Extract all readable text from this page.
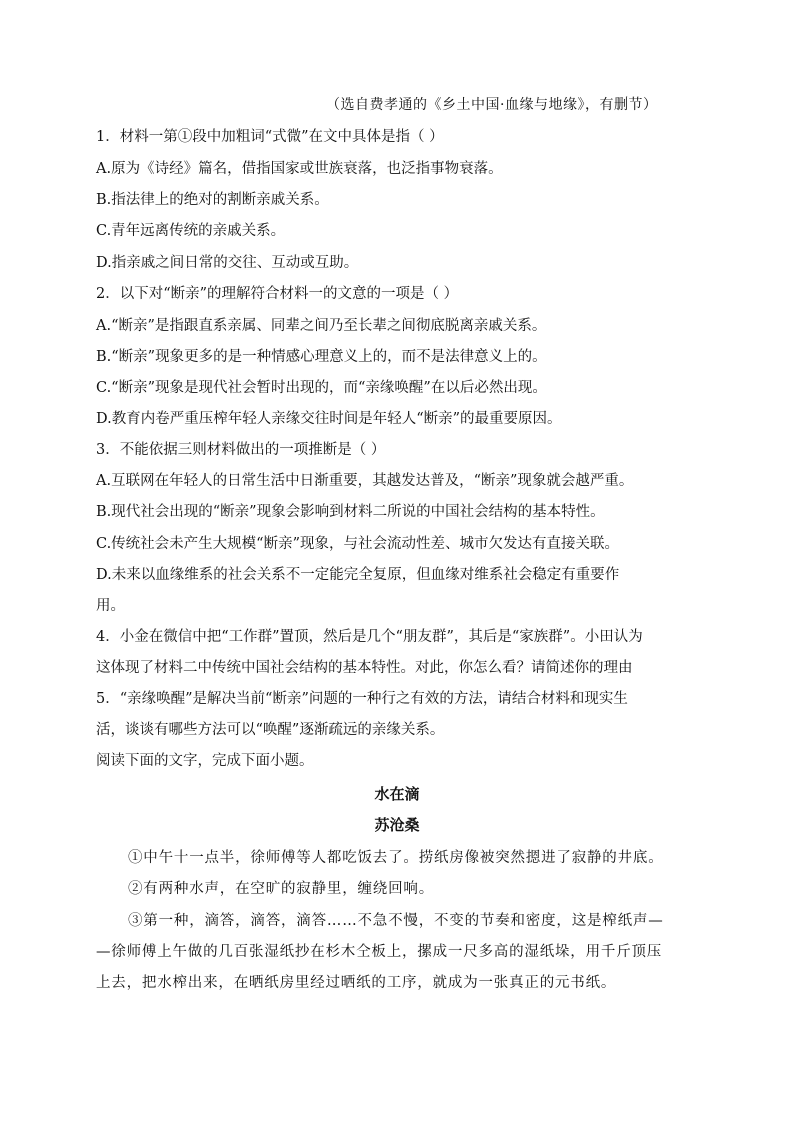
（选自费孝通的《乡土中国·血缘与地缘》，有删节）
1．材料一第①段中加粗词“式微”在文中具体是指（ ）
A.原为《诗经》篇名，借指国家或世族衰落，也泛指事物衰落。
B.指法律上的绝对的割断亲戚关系。
C.青年远离传统的亲戚关系。
D.指亲戚之间日常的交往、互动或互助。
2．以下对“断亲”的理解符合材料一的文意的一项是（ ）
A.“断亲”是指跟直系亲属、同辈之间乃至长辈之间彻底脱离亲戚关系。
B.“断亲”现象更多的是一种情感心理意义上的，而不是法律意义上的。
C.“断亲”现象是现代社会暂时出现的，而“亲缘唤醒”在以后必然出现。
D.教育内卷严重压榨年轻人亲缘交往时间是年轻人“断亲”的最重要原因。
3．不能依据三则材料做出的一项推断是（ ）
A.互联网在年轻人的日常生活中日渐重要，其越发达普及，“断亲”现象就会越严重。
B.现代社会出现的“断亲”现象会影响到材料二所说的中国社会结构的基本特性。
C.传统社会未产生大规模“断亲”现象，与社会流动性差、城市欠发达有直接关联。
D.未来以血缘维系的社会关系不一定能完全复原，但血缘对维系社会稳定有重要作
用。
4．小金在微信中把“工作群”置顶，然后是几个“朋友群”，其后是“家族群”。小田认为
这体现了材料二中传统中国社会结构的基本特性。对此，你怎么看？请简述你的理由
5．“亲缘唤醒”是解决当前“断亲”问题的一种行之有效的方法，请结合材料和现实生
活，谈谈有哪些方法可以“唤醒”逐渐疏远的亲缘关系。
阅读下面的文字，完成下面小题。
水在滴
苏沧桑
①中午十一点半，徐师傅等人都吃饭去了。捞纸房像被突然摁进了寂静的井底。
②有两种水声，在空旷的寂静里，缠绕回响。
③第一种，滴答，滴答，滴答……不急不慢，不变的节奏和密度，这是榨纸声—
—徐师傅上午做的几百张湿纸抄在杉木仝板上，摞成一尺多高的湿纸垛，用千斤顶压
上去，把水榨出来，在晒纸房里经过晒纸的工序，就成为一张真正的元书纸。
